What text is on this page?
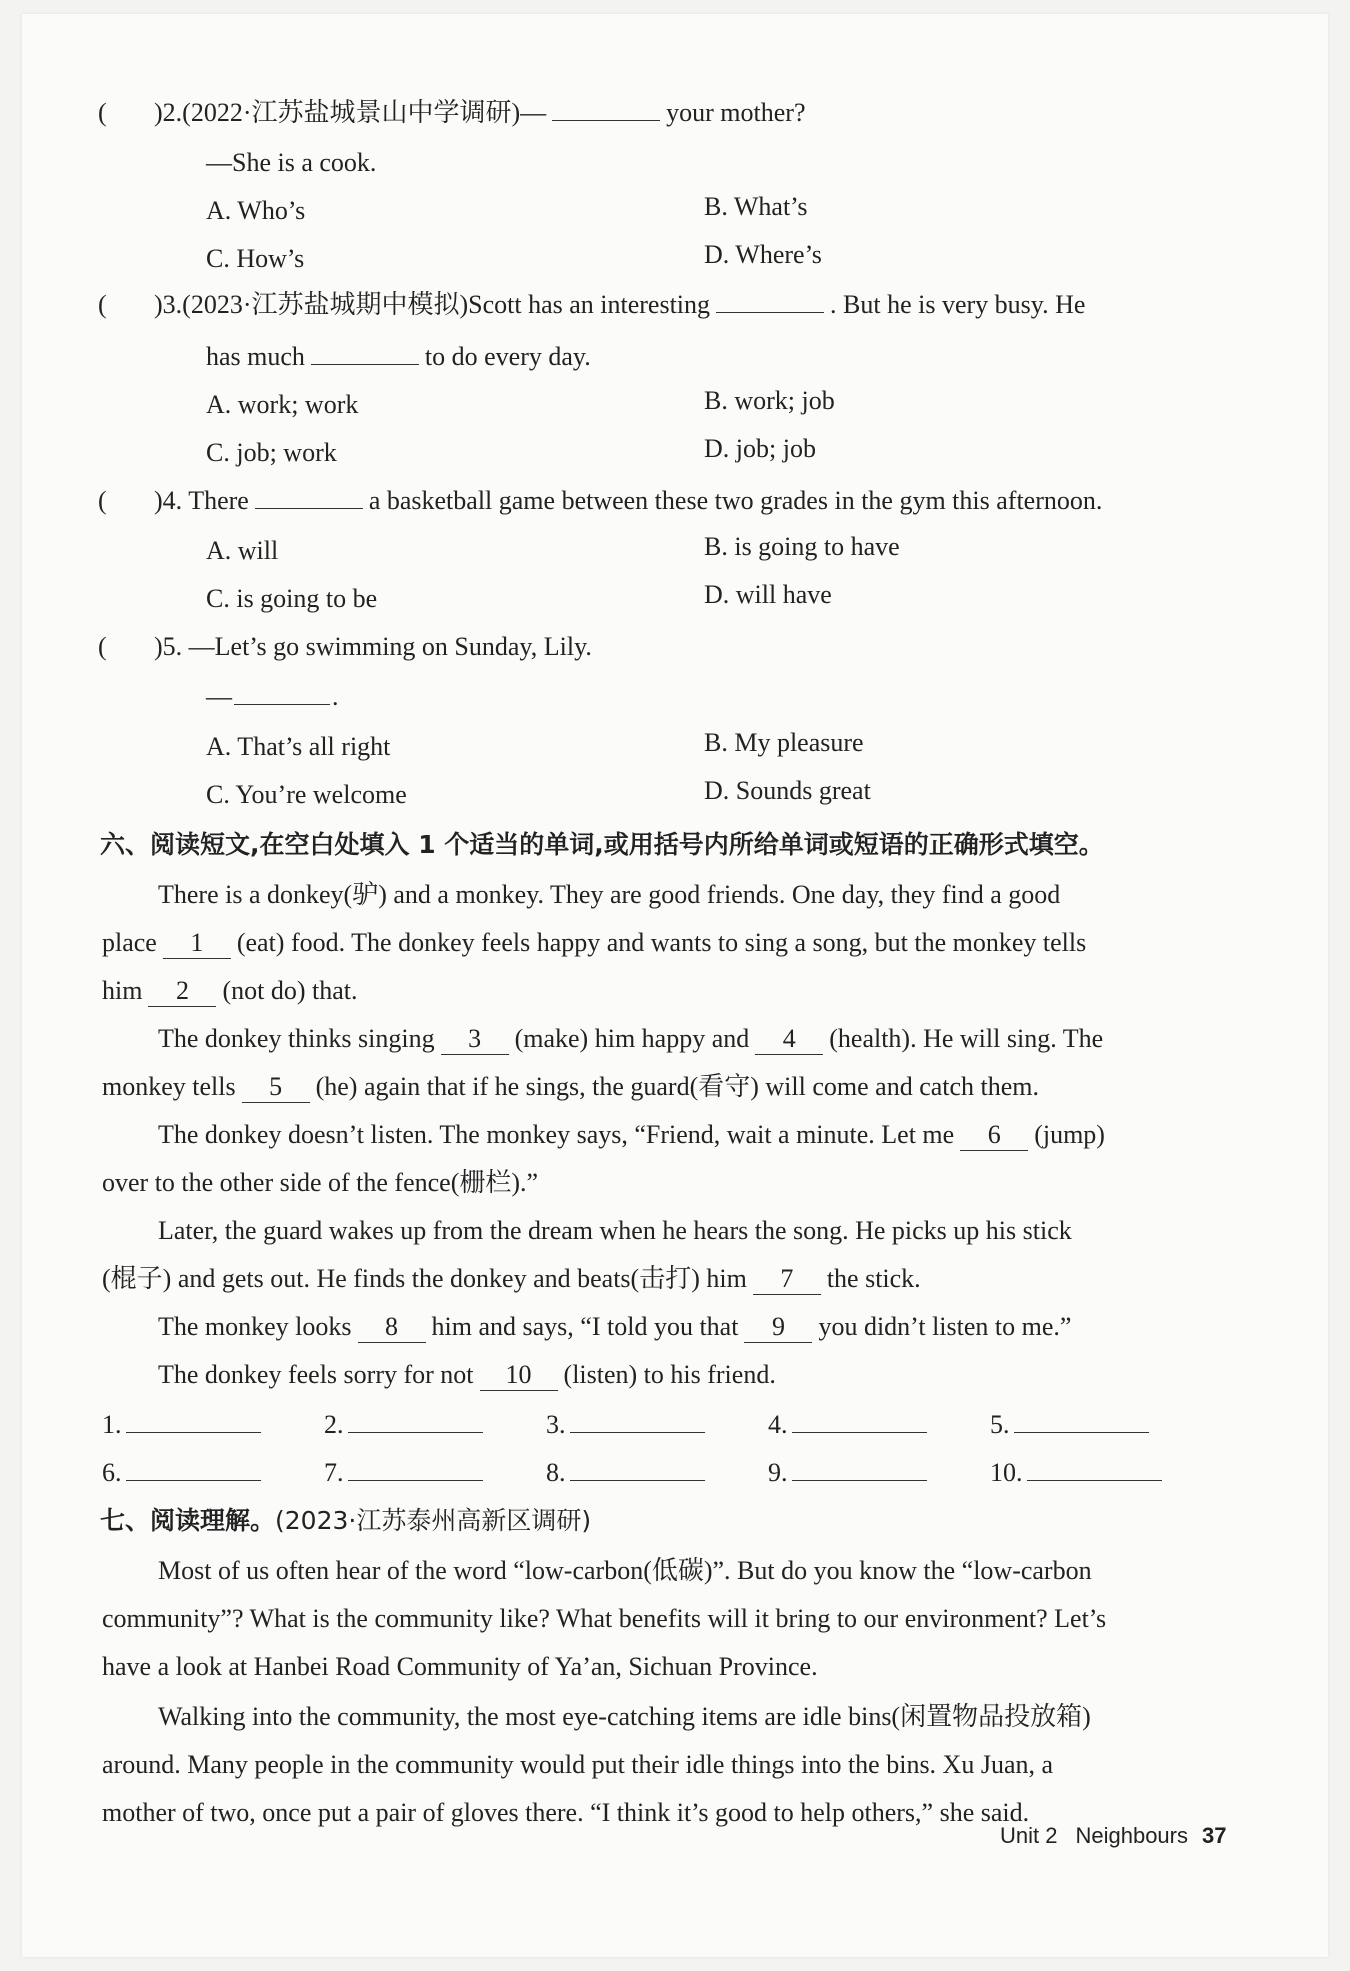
( )2.(2022·江苏盐城景山中学调研)—	your mother?
—She is a cook.
A. Who’s	B. What’s
C. How’s	D. Where’s
( )3.(2023·江苏盐城期中模拟)Scott has an interesting	. But he is very busy. He
has much	to do every day.
A. work; work	B. work; job
C. job; work	D. job; job
( )4. There	a basketball game between these two grades in the gym this afternoon.
A. will	B. is going to have
C. is going to be	D. will have
( )5. —Let’s go swimming on Sunday, Lily.
—	.
A. That’s all right	B. My pleasure
C. You’re welcome	D. Sounds great
六、阅读短文,在空白处填入 1 个适当的单词,或用括号内所给单词或短语的正确形式填空。
There is a donkey(驴) and a monkey. They are good friends. One day, they find a good
place 1 (eat) food. The donkey feels happy and wants to sing a song, but the monkey tells
him 2 (not do) that.
The donkey thinks singing 3 (make) him happy and 4 (health). He will sing. The
monkey tells 5 (he) again that if he sings, the guard(看守) will come and catch them.
The donkey doesn’t listen. The monkey says, “Friend, wait a minute. Let me 6 (jump)
over to the other side of the fence(栅栏).”
Later, the guard wakes up from the dream when he hears the song. He picks up his stick
(棍子) and gets out. He finds the donkey and beats(击打) him 7 the stick.
The monkey looks 8 him and says, “I told you that 9 you didn’t listen to me.”
The donkey feels sorry for not 10 (listen) to his friend.
1.	2.	3.	4.	5.
6.	7.	8.	9.	10.
七、阅读理解。(2023·江苏泰州高新区调研)
Most of us often hear of the word “low-carbon(低碳)”. But do you know the “low-carbon
community”? What is the community like? What benefits will it bring to our environment? Let’s
have a look at Hanbei Road Community of Ya’an, Sichuan Province.
Walking into the community, the most eye-catching items are idle bins(闲置物品投放箱)
around. Many people in the community would put their idle things into the bins. Xu Juan, a
mother of two, once put a pair of gloves there. “I think it’s good to help others,” she said.
Unit 2 Neighbours 37
